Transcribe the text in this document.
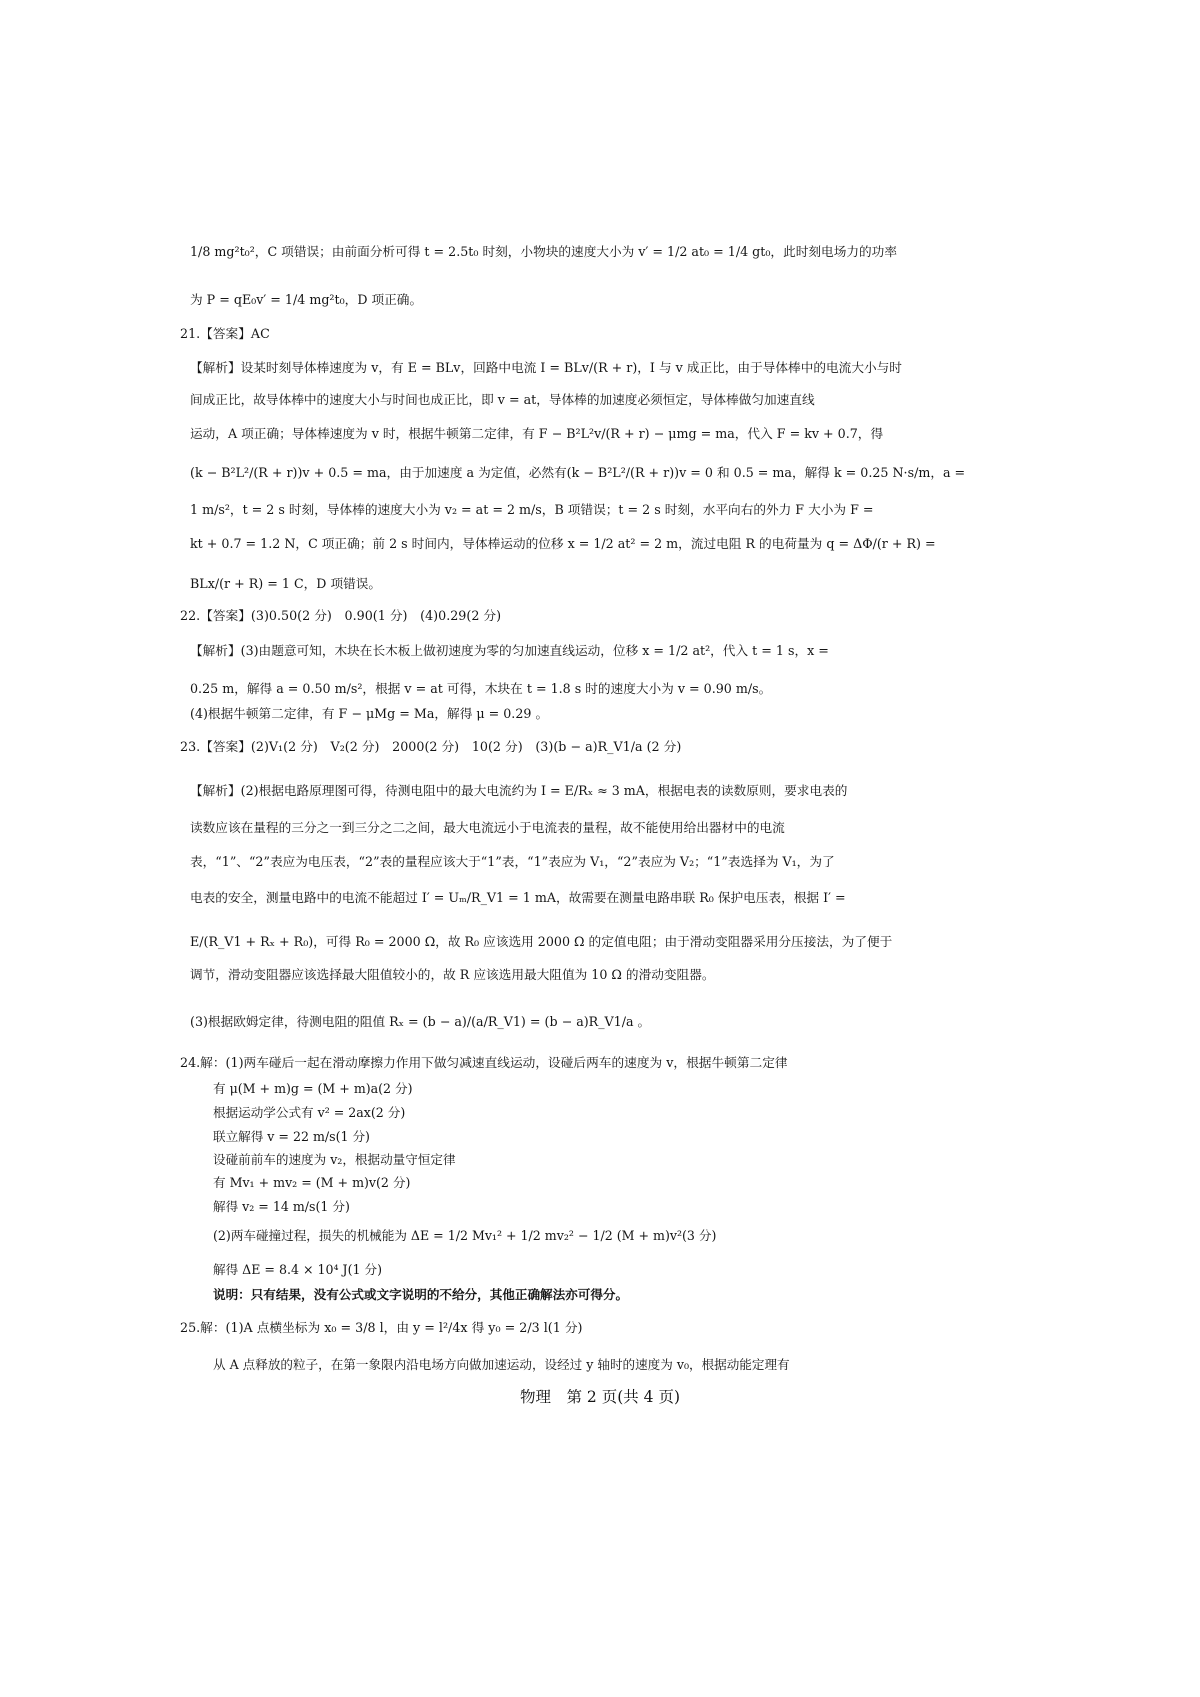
1/8 mg²t₀²，C 项错误；由前面分析可得 t = 2.5t₀ 时刻，小物块的速度大小为 v′ = 1/2 at₀ = 1/4 gt₀，此时刻电场力的功率
为 P = qE₀v′ = 1/4 mg²t₀，D 项正确。
21.【答案】AC
【解析】设某时刻导体棒速度为 v，有 E = BLv，回路中电流 I = BLv/(R + r)，I 与 v 成正比，由于导体棒中的电流大小与时
间成正比，故导体棒中的速度大小与时间也成正比，即 v = at，导体棒的加速度必须恒定，导体棒做匀加速直线
运动，A 项正确；导体棒速度为 v 时，根据牛顿第二定律，有 F − B²L²v/(R + r) − μmg = ma，代入 F = kv + 0.7，得
(k − B²L²/(R + r))v + 0.5 = ma，由于加速度 a 为定值，必然有(k − B²L²/(R + r))v = 0 和 0.5 = ma，解得 k = 0.25 N·s/m，a =
1 m/s²，t = 2 s 时刻，导体棒的速度大小为 v₂ = at = 2 m/s，B 项错误；t = 2 s 时刻，水平向右的外力 F 大小为 F =
kt + 0.7 = 1.2 N，C 项正确；前 2 s 时间内，导体棒运动的位移 x = 1/2 at² = 2 m，流过电阻 R 的电荷量为 q = ΔΦ/(r + R) =
BLx/(r + R) = 1 C，D 项错误。
22.【答案】(3)0.50(2 分)　0.90(1 分)　(4)0.29(2 分)
【解析】(3)由题意可知，木块在长木板上做初速度为零的匀加速直线运动，位移 x = 1/2 at²，代入 t = 1 s，x =
0.25 m，解得 a = 0.50 m/s²，根据 v = at 可得，木块在 t = 1.8 s 时的速度大小为 v = 0.90 m/s。
(4)根据牛顿第二定律，有 F − μMg = Ma，解得 μ = 0.29 。
23.【答案】(2)V₁(2 分)　V₂(2 分)　2000(2 分)　10(2 分)　(3)(b − a)R_V1/a (2 分)
【解析】(2)根据电路原理图可得，待测电阻中的最大电流约为 I = E/Rₓ ≈ 3 mA，根据电表的读数原则，要求电表的
读数应该在量程的三分之一到三分之二之间，最大电流远小于电流表的量程，故不能使用给出器材中的电流
表，“1”、“2”表应为电压表，“2”表的量程应该大于“1”表，“1”表应为 V₁，“2”表应为 V₂；“1”表选择为 V₁，为了
电表的安全，测量电路中的电流不能超过 I′ = Uₘ/R_V1 = 1 mA，故需要在测量电路串联 R₀ 保护电压表，根据 I′ =
E/(R_V1 + Rₓ + R₀)，可得 R₀ = 2000 Ω，故 R₀ 应该选用 2000 Ω 的定值电阻；由于滑动变阻器采用分压接法，为了便于
调节，滑动变阻器应该选择最大阻值较小的，故 R 应该选用最大阻值为 10 Ω 的滑动变阻器。
(3)根据欧姆定律，待测电阻的阻值 Rₓ = (b − a)/(a/R_V1) = (b − a)R_V1/a 。
24.解：(1)两车碰后一起在滑动摩擦力作用下做匀减速直线运动，设碰后两车的速度为 v，根据牛顿第二定律
有 μ(M + m)g = (M + m)a(2 分)
根据运动学公式有 v² = 2ax(2 分)
联立解得 v = 22 m/s(1 分)
设碰前前车的速度为 v₂，根据动量守恒定律
有 Mv₁ + mv₂ = (M + m)v(2 分)
解得 v₂ = 14 m/s(1 分)
(2)两车碰撞过程，损失的机械能为 ΔE = 1/2 Mv₁² + 1/2 mv₂² − 1/2 (M + m)v²(3 分)
解得 ΔE = 8.4 × 10⁴ J(1 分)
说明：只有结果，没有公式或文字说明的不给分，其他正确解法亦可得分。
25.解：(1)A 点横坐标为 x₀ = 3/8 l，由 y = l²/4x 得 y₀ = 2/3 l(1 分)
从 A 点释放的粒子，在第一象限内沿电场方向做加速运动，设经过 y 轴时的速度为 v₀，根据动能定理有
物理　第 2 页(共 4 页)
